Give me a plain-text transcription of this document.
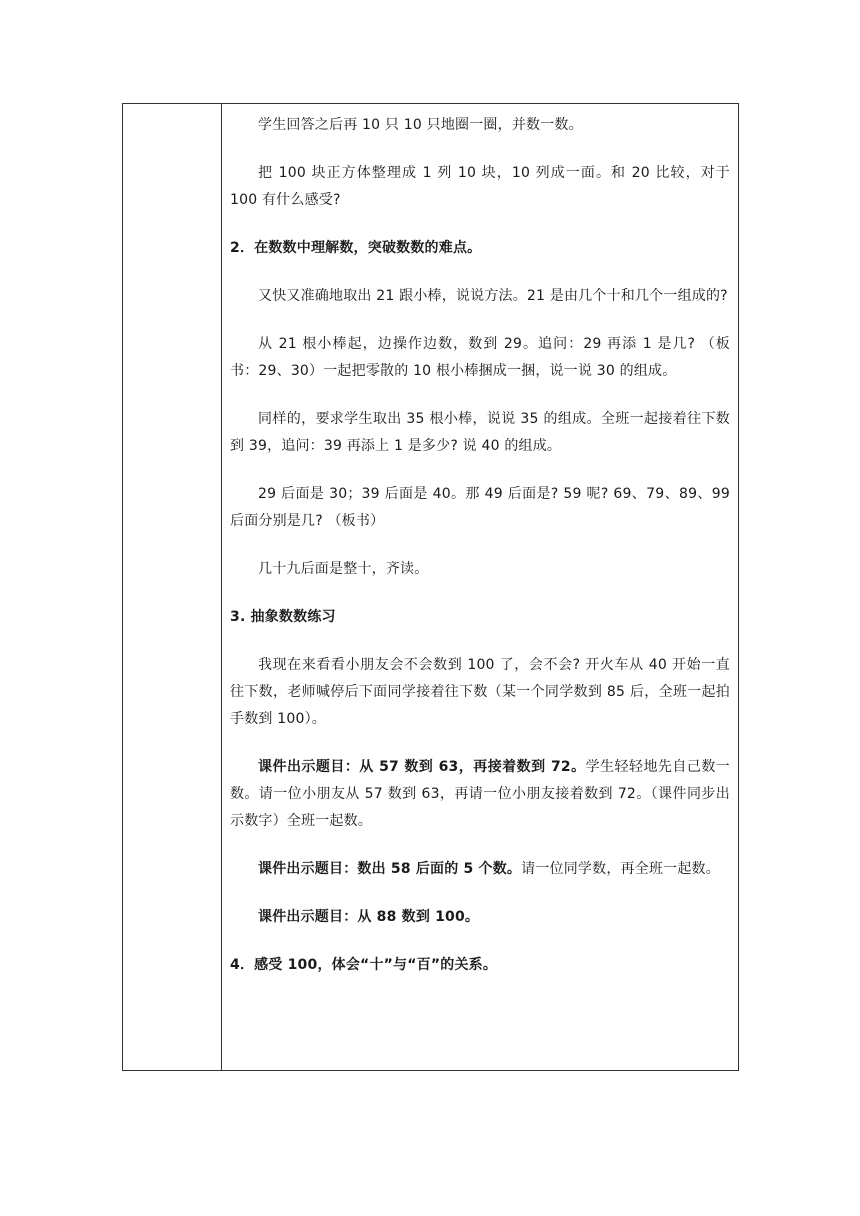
学生回答之后再 10 只 10 只地圈一圈，并数一数。

把 100 块正方体整理成 1 列 10 块，10 列成一面。和 20 比较，对于 100 有什么感受?

2．在数数中理解数，突破数数的难点。

又快又准确地取出 21 跟小棒，说说方法。21 是由几个十和几个一组成的?

从 21 根小棒起，边操作边数，数到 29。追问：29 再添 1 是几? （板书：29、30）一起把零散的 10 根小棒捆成一捆，说一说 30 的组成。

同样的，要求学生取出 35 根小棒，说说 35 的组成。全班一起接着往下数到 39，追问：39 再添上 1 是多少? 说 40 的组成。

29 后面是 30；39 后面是 40。那 49 后面是? 59 呢? 69、79、89、99 后面分别是几? （板书）

几十九后面是整十，齐读。

3. 抽象数数练习

我现在来看看小朋友会不会数到 100 了，会不会? 开火车从 40 开始一直往下数，老师喊停后下面同学接着往下数（某一个同学数到 85 后，全班一起拍手数到 100）。

课件出示题目：从 57 数到 63，再接着数到 72。学生轻轻地先自己数一数。请一位小朋友从 57 数到 63，再请一位小朋友接着数到 72。（课件同步出示数字）全班一起数。

课件出示题目：数出 58 后面的 5 个数。请一位同学数，再全班一起数。

课件出示题目：从 88 数到 100。

4．感受 100，体会“十”与“百”的关系。
